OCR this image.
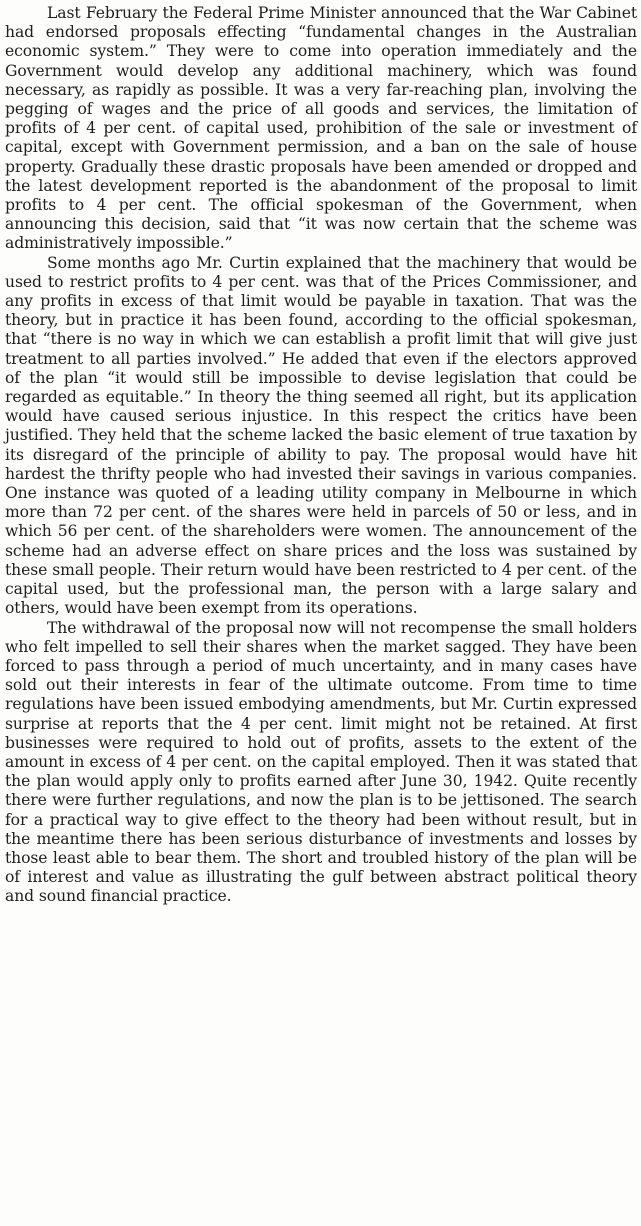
Last February the Federal Prime Minister announced that the War Cabinet had endorsed proposals effecting “fundamental changes in the Australian economic system.” They were to come into operation immediately and the Government would develop any additional machinery, which was found necessary, as rapidly as possible. It was a very far-reaching plan, involving the pegging of wages and the price of all goods and services, the limitation of profits of 4 per cent. of capital used, prohibition of the sale or investment of capital, except with Government permission, and a ban on the sale of house property. Gradually these drastic proposals have been amended or dropped and the latest development reported is the abandonment of the proposal to limit profits to 4 per cent. The official spokesman of the Government, when announcing this decision, said that “it was now certain that the scheme was administratively impossible.”

Some months ago Mr. Curtin explained that the machinery that would be used to restrict profits to 4 per cent. was that of the Prices Commissioner, and any profits in excess of that limit would be payable in taxation. That was the theory, but in practice it has been found, according to the official spokesman, that “there is no way in which we can establish a profit limit that will give just treatment to all parties involved.” He added that even if the electors approved of the plan “it would still be impossible to devise legislation that could be regarded as equitable.” In theory the thing seemed all right, but its application would have caused serious injustice. In this respect the critics have been justified. They held that the scheme lacked the basic element of true taxation by its disregard of the principle of ability to pay. The proposal would have hit hardest the thrifty people who had invested their savings in various companies. One instance was quoted of a leading utility company in Melbourne in which more than 72 per cent. of the shares were held in parcels of 50 or less, and in which 56 per cent. of the shareholders were women. The announcement of the scheme had an adverse effect on share prices and the loss was sustained by these small people. Their return would have been restricted to 4 per cent. of the capital used, but the professional man, the person with a large salary and others, would have been exempt from its operations.

The withdrawal of the proposal now will not recompense the small holders who felt impelled to sell their shares when the market sagged. They have been forced to pass through a period of much uncertainty, and in many cases have sold out their interests in fear of the ultimate outcome. From time to time regulations have been issued embodying amendments, but Mr. Curtin expressed surprise at reports that the 4 per cent. limit might not be retained. At first businesses were required to hold out of profits, assets to the extent of the amount in excess of 4 per cent. on the capital employed. Then it was stated that the plan would apply only to profits earned after June 30, 1942. Quite recently there were further regulations, and now the plan is to be jettisoned. The search for a practical way to give effect to the theory had been without result, but in the meantime there has been serious disturbance of investments and losses by those least able to bear them. The short and troubled history of the plan will be of interest and value as illustrating the gulf between abstract political theory and sound financial practice.
